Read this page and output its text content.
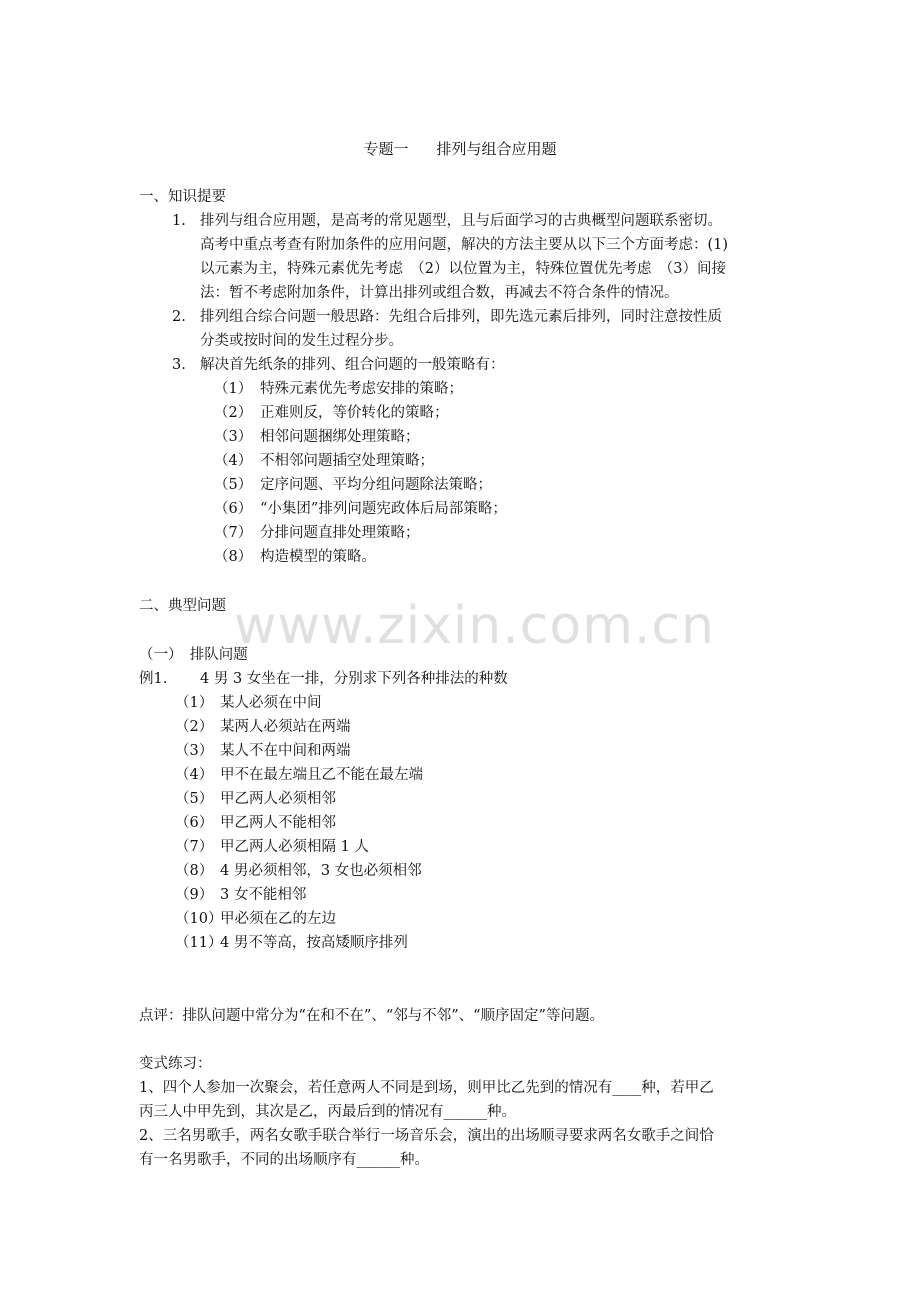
www.zixin.com.cn
专题一 排列与组合应用题
一、知识提要
1. 排列与组合应用题，是高考的常见题型，且与后面学习的古典概型问题联系密切。
高考中重点考查有附加条件的应用问题，解决的方法主要从以下三个方面考虑：(1)
以元素为主，特殊元素优先考虑　（2）以位置为主，特殊位置优先考虑　（3）间接
法：暂不考虑附加条件，计算出排列或组合数，再减去不符合条件的情况。
2. 排列组合综合问题一般思路：先组合后排列，即先选元素后排列，同时注意按性质
分类或按时间的发生过程分步。
3. 解决首先纸条的排列、组合问题的一般策略有：
（1） 特殊元素优先考虑安排的策略；
（2） 正难则反，等价转化的策略；
（3） 相邻问题捆绑处理策略；
（4） 不相邻问题插空处理策略；
（5） 定序问题、平均分组问题除法策略；
（6） “小集团”排列问题宪政体后局部策略；
（7） 分排问题直排处理策略；
（8） 构造模型的策略。
二、典型问题
（一）　排队问题
例1. 4 男 3 女坐在一排，分别求下列各种排法的种数
（1） 某人必须在中间
（2） 某两人必须站在两端
（3） 某人不在中间和两端
（4） 甲不在最左端且乙不能在最左端
（5） 甲乙两人必须相邻
（6） 甲乙两人不能相邻
（7） 甲乙两人必须相隔 1 人
（8） 4 男必须相邻，3 女也必须相邻
（9） 3 女不能相邻
（10）甲必须在乙的左边
（11）4 男不等高，按高矮顺序排列
点评：排队问题中常分为“在和不在”、“邻与不邻”、“顺序固定”等问题。
变式练习：
1、四个人参加一次聚会，若任意两人不同是到场，则甲比乙先到的情况有____种，若甲乙
丙三人中甲先到，其次是乙，丙最后到的情况有______种。
2、三名男歌手，两名女歌手联合举行一场音乐会，演出的出场顺寻要求两名女歌手之间恰
有一名男歌手，不同的出场顺序有______种。
